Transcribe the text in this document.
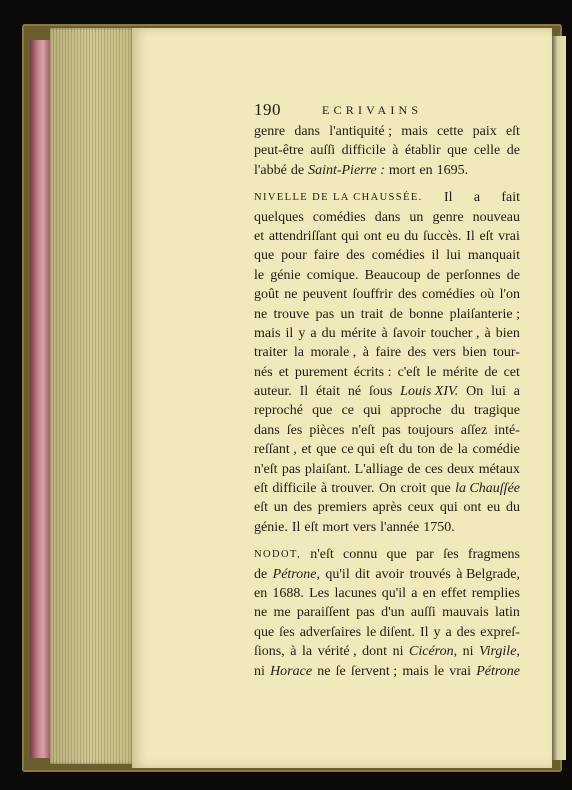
190	ECRIVAINS
genre dans l'antiquité ; mais cette paix eſt
peut-être auſſi difficile à établir que celle de
l'abbé de Saint-Pierre : mort en 1695.
NIVELLE DE LA CHAUSSÉE. Il a fait
quelques comédies dans un genre nouveau
et attendriſſant qui ont eu du ſuccès. Il eſt vrai
que pour faire des comédies il lui manquait
le génie comique. Beaucoup de perſonnes de
goût ne peuvent ſouffrir des comédies où l'on
ne trouve pas un trait de bonne plaiſanterie ;
mais il y a du mérite à ſavoir toucher , à bien
traiter la morale , à faire des vers bien tour-
nés et purement écrits : c'eſt le mérite de cet
auteur. Il était né ſous Louis XIV. On lui a
reproché que ce qui approche du tragique
dans ſes pièces n'eſt pas toujours aſſez inté-
reſſant , et que ce qui eſt du ton de la comédie
n'eſt pas plaiſant. L'alliage de ces deux métaux
eſt difficile à trouver. On croit que la Chauſſée
eſt un des premiers après ceux qui ont eu du
génie. Il eſt mort vers l'année 1750.
NODOT, n'eſt connu que par ſes fragmens
de Pétrone, qu'il dit avoir trouvés à Belgrade,
en 1688. Les lacunes qu'il a en effet remplies
ne me paraiſſent pas d'un auſſi mauvais latin
que ſes adverſaires le diſent. Il y a des expreſ-
ſions, à la vérité , dont ni Cicéron, ni Virgile,
ni Horace ne ſe ſervent ; mais le vrai Pétrone
